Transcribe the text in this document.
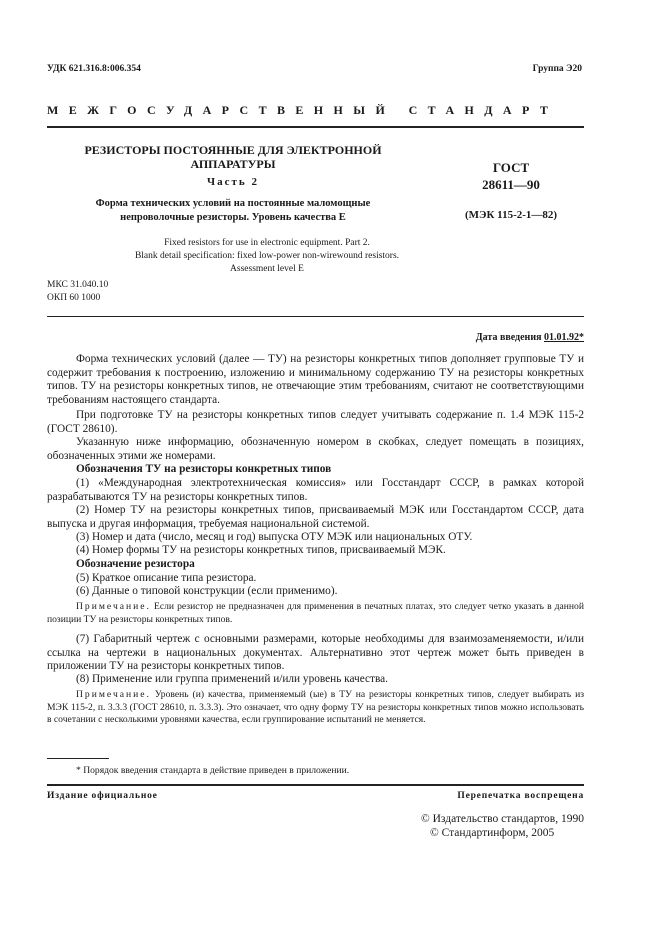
УДК 621.316.8:006.354	Группа Э20
МЕЖГОСУДАРСТВЕННЫЙ СТАНДАРТ
РЕЗИСТОРЫ ПОСТОЯННЫЕ ДЛЯ ЭЛЕКТРОННОЙ
АППАРАТУРЫ
Часть 2
Форма технических условий на постоянные маломощные
непроволочные резисторы. Уровень качества Е
ГОСТ
28611—90
(МЭК 115-2-1—82)
Fixed resistors for use in electronic equipment. Part 2.
Blank detail specification: fixed low-power non-wirewound resistors.
Assessment level E
МКС 31.040.10
ОКП 60 1000
Дата введения 01.01.92*
Форма технических условий (далее — ТУ) на резисторы конкретных типов дополняет групповые ТУ и содержит требования к построению, изложению и минимальному содержанию ТУ на резисторы конкретных типов. ТУ на резисторы конкретных типов, не отвечающие этим требованиям, считают не соответствующими требованиям настоящего стандарта.
При подготовке ТУ на резисторы конкретных типов следует учитывать содержание п. 1.4 МЭК 115-2 (ГОСТ 28610).
Указанную ниже информацию, обозначенную номером в скобках, следует помещать в позициях, обозначенных этими же номерами.
Обозначения ТУ на резисторы конкретных типов
(1) «Международная электротехническая комиссия» или Госстандарт СССР, в рамках которой разрабатываются ТУ на резисторы конкретных типов.
(2) Номер ТУ на резисторы конкретных типов, присваиваемый МЭК или Госстандартом СССР, дата выпуска и другая информация, требуемая национальной системой.
(3) Номер и дата (число, месяц и год) выпуска ОТУ МЭК или национальных ОТУ.
(4) Номер формы ТУ на резисторы конкретных типов, присваиваемый МЭК.
Обозначение резистора
(5) Краткое описание типа резистора.
(6) Данные о типовой конструкции (если применимо).
Примечание. Если резистор не предназначен для применения в печатных платах, это следует четко указать в данной позиции ТУ на резисторы конкретных типов.
(7) Габаритный чертеж с основными размерами, которые необходимы для взаимозаменяемости, и/или ссылка на чертежи в национальных документах. Альтернативно этот чертеж может быть приведен в приложении ТУ на резисторы конкретных типов.
(8) Применение или группа применений и/или уровень качества.
Примечание. Уровень (и) качества, применяемый (ые) в ТУ на резисторы конкретных типов, следует выбирать из МЭК 115-2, п. 3.3.3 (ГОСТ 28610, п. 3.3.3). Это означает, что одну форму ТУ на резисторы конкретных типов можно использовать в сочетании с несколькими уровнями качества, если группирование испытаний не меняется.
* Порядок введения стандарта в действие приведен в приложении.
Издание официальное	Перепечатка воспрещена
© Издательство стандартов, 1990
© Стандартинформ, 2005
